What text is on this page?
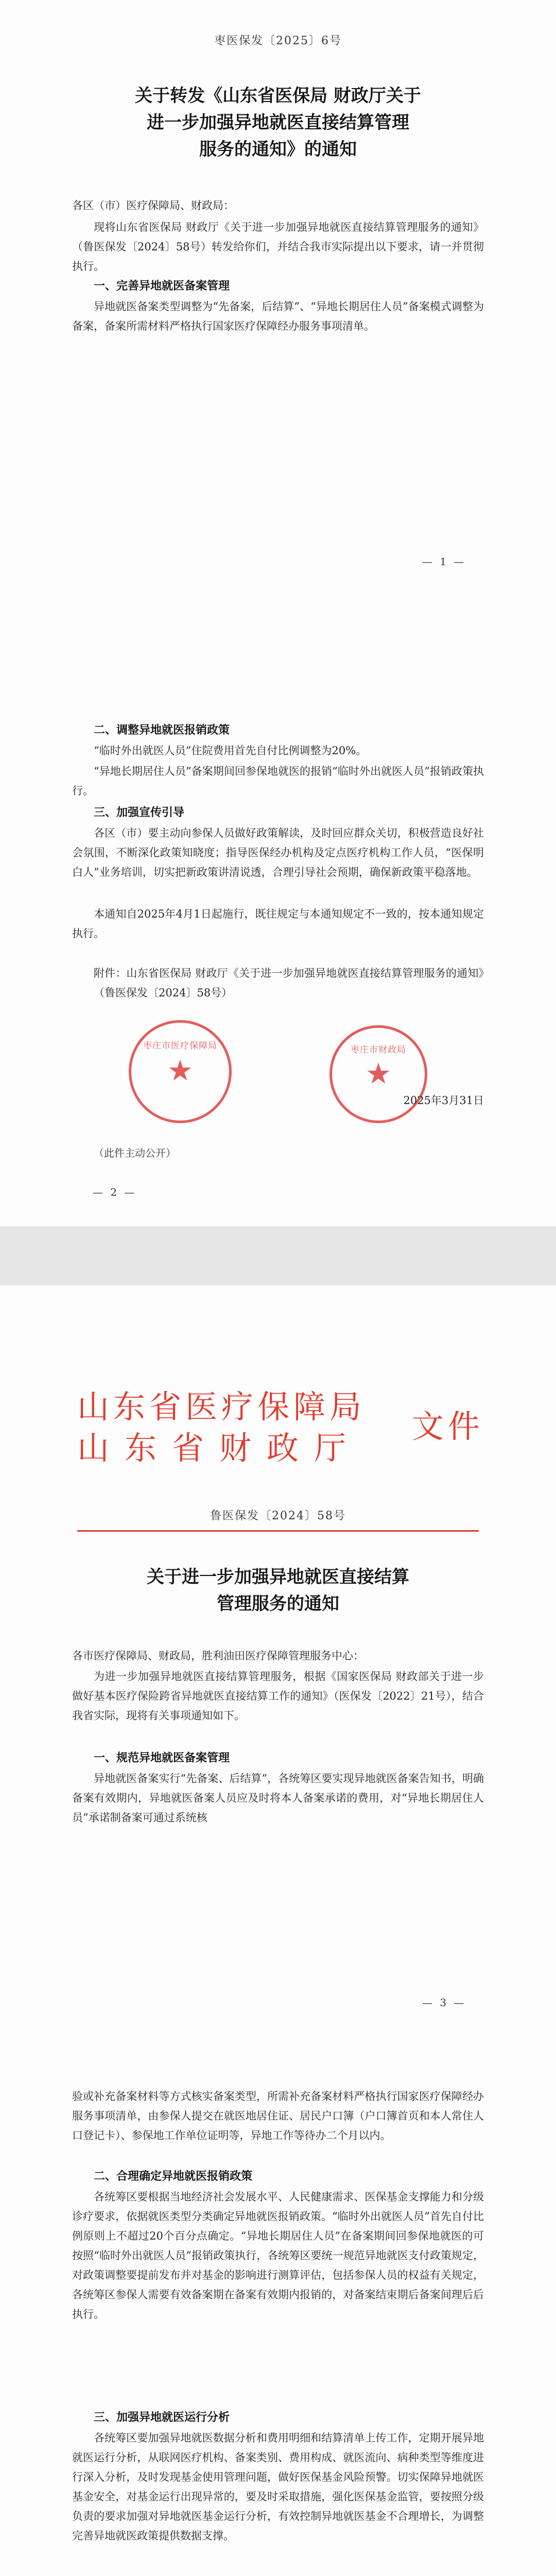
枣医保发〔2025〕6号
关于转发《山东省医保局 财政厅关于
进一步加强异地就医直接结算管理
服务的通知》的通知
各区（市）医疗保障局、财政局：
现将山东省医保局 财政厅《关于进一步加强异地就医直接结算管理服务的通知》（鲁医保发〔2024〕58号）转发给你们，并结合我市实际提出以下要求，请一并贯彻执行。
一、完善异地就医备案管理
异地就医备案类型调整为“先备案，后结算”、“异地长期居住人员”备案模式调整为备案，备案所需材料严格执行国家医疗保障经办服务事项清单。
— 1 —
二、调整异地就医报销政策
“临时外出就医人员”住院费用首先自付比例调整为20%。
“异地长期居住人员”备案期间回参保地就医的报销“临时外出就医人员”报销政策执行。
三、加强宣传引导
各区（市）要主动向参保人员做好政策解读，及时回应群众关切，积极营造良好社会氛围，不断深化政策知晓度；指导医保经办机构及定点医疗机构工作人员，“医保明白人”业务培训，切实把新政策讲清说透，合理引导社会预期，确保新政策平稳落地。
本通知自2025年4月1日起施行，既往规定与本通知规定不一致的，按本通知规定执行。
附件：山东省医保局 财政厅《关于进一步加强异地就医直接结算管理服务的通知》（鲁医保发〔2024〕58号）
枣庄市医疗保障局
★
枣庄市财政局
★
2025年3月31日
（此件主动公开）
— 2 —
山东省医疗保障局
山东省财政厅
文件
鲁医保发〔2024〕58号
关于进一步加强异地就医直接结算
管理服务的通知
各市医疗保障局、财政局，胜利油田医疗保障管理服务中心：
为进一步加强异地就医直接结算管理服务，根据《国家医保局 财政部关于进一步做好基本医疗保险跨省异地就医直接结算工作的通知》（医保发〔2022〕21号），结合我省实际，现将有关事项通知如下。
一、规范异地就医备案管理
异地就医备案实行“先备案、后结算”，各统筹区要实现异地就医备案告知书，明确备案有效期内，异地就医备案人员应及时将本人备案承诺的费用，对“异地长期居住人员”承诺制备案可通过系统核
— 3 —
验或补充备案材料等方式核实备案类型，所需补充备案材料严格执行国家医疗保障经办服务事项清单，由参保人提交在就医地居住证、居民户口簿（户口簿首页和本人常住人口登记卡）、参保地工作单位证明等，异地工作等待办二个月以内。
二、合理确定异地就医报销政策
各统筹区要根据当地经济社会发展水平、人民健康需求、医保基金支撑能力和分级诊疗要求，依据就医类型分类确定异地就医报销政策。“临时外出就医人员”首先自付比例原则上不超过20个百分点确定。“异地长期居住人员”在备案期间回参保地就医的可按照“临时外出就医人员”报销政策执行，各统筹区要统一规范异地就医支付政策规定，对政策调整要提前发布并对基金的影响进行测算评估，包括参保人员的权益有关规定，各统筹区参保人需要有效备案期在备案有效期内报销的，对备案结束期后备案间理后后执行。
三、加强异地就医运行分析
各统筹区要加强异地就医数据分析和费用明细和结算清单上传工作，定期开展异地就医运行分析，从联网医疗机构、备案类别、费用构成、就医流向、病种类型等维度进行深入分析，及时发现基金使用管理问题，做好医保基金风险预警。切实保障异地就医基金安全，对基金运行出现异常的，要及时采取措施，强化医保基金监管，要按照分级负责的要求加强对异地就医基金运行分析，有效控制异地就医基金不合理增长，为调整完善异地就医政策提供数据支撑。
